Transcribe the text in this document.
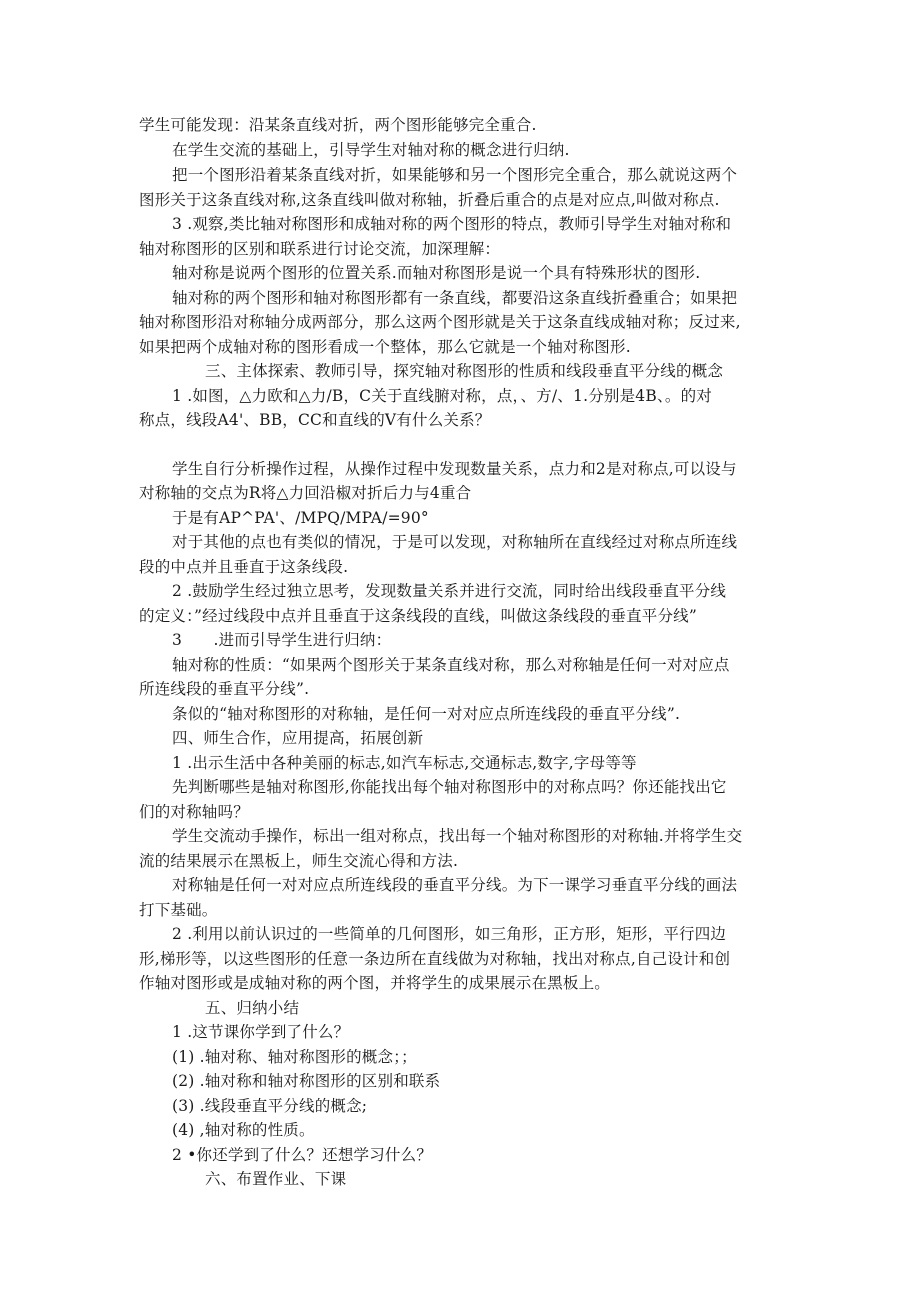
学生可能发现：沿某条直线对折，两个图形能够完全重合.
在学生交流的基础上，引导学生对轴对称的概念进行归纳.
把一个图形沿着某条直线对折，如果能够和另一个图形完全重合，那么就说这两个
图形关于这条直线对称,这条直线叫做对称轴，折叠后重合的点是对应点,叫做对称点.
3 .观察,类比轴对称图形和成轴对称的两个图形的特点，教师引导学生对轴对称和
轴对称图形的区别和联系进行讨论交流，加深理解：
轴对称是说两个图形的位置关系.而轴对称图形是说一个具有特殊形状的图形.
轴对称的两个图形和轴对称图形都有一条直线，都要沿这条直线折叠重合；如果把
轴对称图形沿对称轴分成两部分，那么这两个图形就是关于这条直线成轴对称；反过来,
如果把两个成轴对称的图形看成一个整体，那么它就是一个轴对称图形.
三、主体探索、教师引导，探究轴对称图形的性质和线段垂直平分线的概念
1 .如图，△力欧和△力/B，C关于直线腑对称，点，、方/、1.分别是4B、。的对
称点，线段A4'、BB，CC和直线的V有什么关系？
学生自行分析操作过程，从操作过程中发现数量关系，点力和2是对称点,可以设与
对称轴的交点为R将△力回沿椒对折后力与4重合
于是有AP^PA'、/MPQ/MPA/=90°
对于其他的点也有类似的情况，于是可以发现，对称轴所在直线经过对称点所连线
段的中点并且垂直于这条线段.
2 .鼓励学生经过独立思考，发现数量关系并进行交流，同时给出线段垂直平分线
的定义：”经过线段中点并且垂直于这条线段的直线，叫做这条线段的垂直平分线”
3　　.进而引导学生进行归纳：
轴对称的性质：“如果两个图形关于某条直线对称，那么对称轴是任何一对对应点
所连线段的垂直平分线”.
条似的“轴对称图形的对称轴，是任何一对对应点所连线段的垂直平分线”.
四、师生合作，应用提高，拓展创新
1 .出示生活中各种美丽的标志,如汽车标志,交通标志,数字,字母等等
先判断哪些是轴对称图形,你能找出每个轴对称图形中的对称点吗？你还能找出它
们的对称轴吗？
学生交流动手操作，标出一组对称点，找出每一个轴对称图形的对称轴.并将学生交
流的结果展示在黑板上，师生交流心得和方法.
对称轴是任何一对对应点所连线段的垂直平分线。为下一课学习垂直平分线的画法
打下基础。
2 .利用以前认识过的一些简单的几何图形，如三角形，正方形，矩形，平行四边
形,梯形等，以这些图形的任意一条边所在直线做为对称轴，找出对称点,自己设计和创
作轴对图形或是成轴对称的两个图，并将学生的成果展示在黑板上。
五、归纳小结
1 .这节课你学到了什么？
(1) .轴对称、轴对称图形的概念；；
(2) .轴对称和轴对称图形的区别和联系
(3) .线段垂直平分线的概念;
(4) ,轴对称的性质。
2 •你还学到了什么？还想学习什么？
六、布置作业、下课
